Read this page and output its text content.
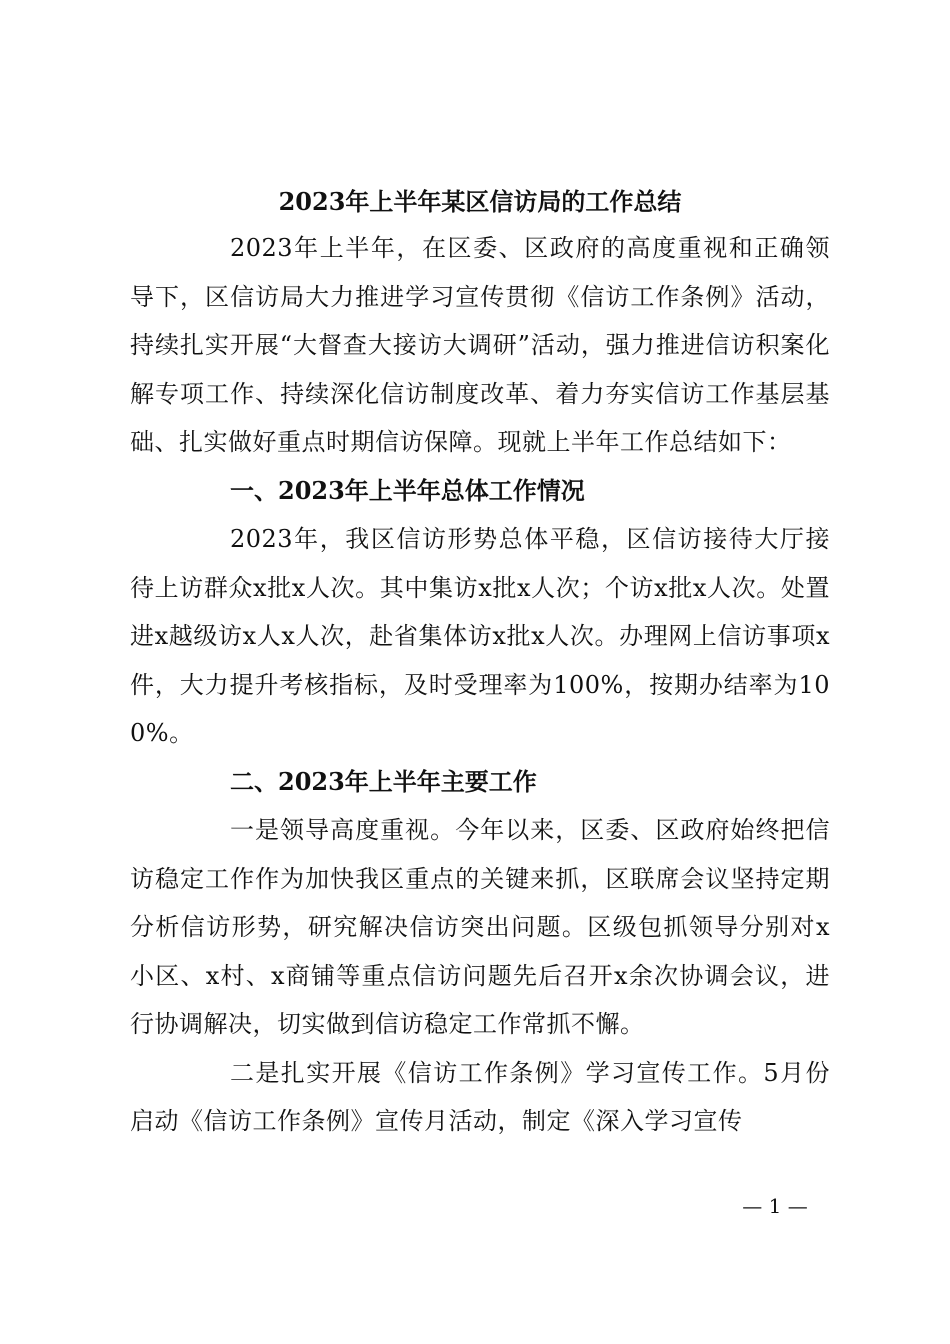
2023年上半年某区信访局的工作总结

2023年上半年，在区委、区政府的高度重视和正确领导下，区信访局大力推进学习宣传贯彻《信访工作条例》活动，持续扎实开展“大督查大接访大调研”活动，强力推进信访积案化解专项工作、持续深化信访制度改革、着力夯实信访工作基层基础、扎实做好重点时期信访保障。现就上半年工作总结如下：

一、2023年上半年总体工作情况

2023年，我区信访形势总体平稳，区信访接待大厅接待上访群众x批x人次。其中集访x批x人次；个访x批x人次。处置进x越级访x人x人次，赴省集体访x批x人次。办理网上信访事项x件，大力提升考核指标，及时受理率为100%，按期办结率为100%。

二、2023年上半年主要工作

一是领导高度重视。今年以来，区委、区政府始终把信访稳定工作作为加快我区重点的关键来抓，区联席会议坚持定期分析信访形势，研究解决信访突出问题。区级包抓领导分别对x小区、x村、x商铺等重点信访问题先后召开x余次协调会议，进行协调解决，切实做到信访稳定工作常抓不懈。

二是扎实开展《信访工作条例》学习宣传工作。5月份启动《信访工作条例》宣传月活动，制定《深入学习宣传

— 1 —
